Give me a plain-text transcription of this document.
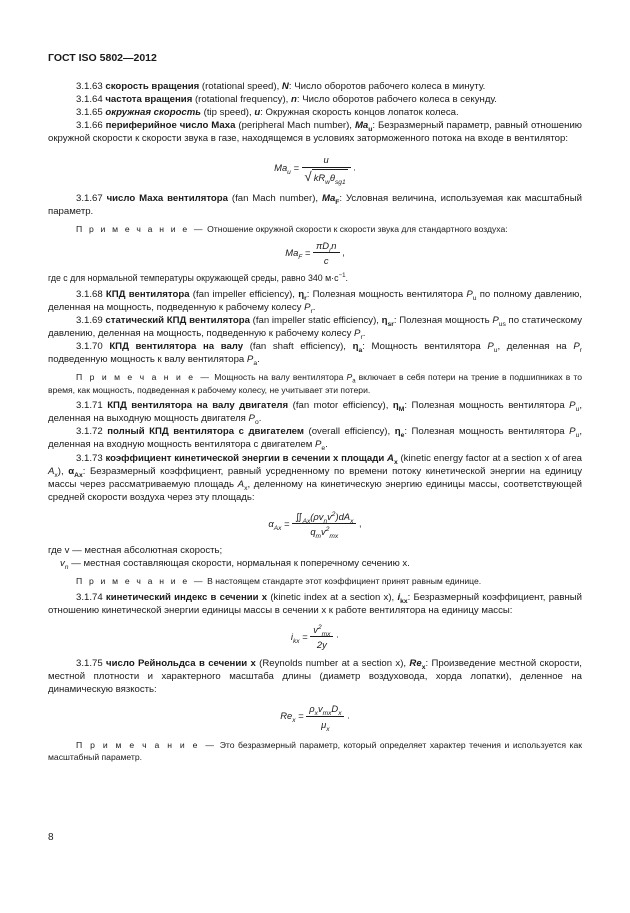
ГОСТ ISO 5802—2012

3.1.63 скорость вращения (rotational speed), N: Число оборотов рабочего колеса в минуту.

3.1.64 частота вращения (rotational frequency), n: Число оборотов рабочего колеса в секунду.

3.1.65 окружная скорость (tip speed), u: Окружная скорость концов лопаток колеса.

3.1.66 периферийное число Маха (peripheral Mach number), $Ma_u$: Безразмерный параметр, равный отношению окружной скорости к скорости звука в газе, находящемся в условиях заторможенного потока на входе в вентилятор:

$Ma_u = \frac{u}{√ kR_w\theta_{sg1}}$ .

3.1.67 число Маха вентилятора (fan Mach number), $Ma_F$: Условная величина, используемая как масштабный параметр.

П р и м е ч а н и е — Отношение окружной скорости к скорости звука для стандартного воздуха:

$Ma_F = \frac{\pi D_rn}{c}$ ,

где c для нормальной температуры окружающей среды, равно 340 $м\cdot с^{-1}$.

3.1.68 КПД вентилятора (fan impeller efficiency), $\eta_r$: Полезная мощность вентилятора $P_u$ по полному давлению, деленная на мощность, подведенную к рабочему колесу $P_r$.

3.1.69 статический КПД вентилятора (fan impeller static efficiency), $\eta_{sr}$: Полезная мощность $P_{us}$ по статическому давлению, деленная на мощность, подведенную к рабочему колесу $P_r$.

3.1.70 КПД вентилятора на валу (fan shaft efficiency), $\eta_a$: Мощность вентилятора $P_u$, деленная на $P_r$ подведенную мощность к валу вентилятора $P_a$.

П р и м е ч а н и е — Мощность на валу вентилятора $P_a$ включает в себя потери на трение в подшипниках в то время, как мощность, подведенная к рабочему колесу, не учитывает эти потери.

3.1.71 КПД вентилятора на валу двигателя (fan motor efficiency), $\eta_M$: Полезная мощность вентилятора $P_u$, деленная на выходную мощность двигателя $P_o$.

3.1.72 полный КПД вентилятора с двигателем (overall efficiency), $\eta_e$: Полезная мощность вентилятора $P_u$, деленная на входную мощность вентилятора с двигателем $P_e$.

3.1.73 коэффициент кинетической энергии в сечении x площади $A_x$ (kinetic energy factor at a section x of area $A_x$), $\alpha_{Ax}$: Безразмерный коэффициент, равный усредненному по времени потоку кинетической энергии на единицу массы через рассматриваемую площадь $A_x$, деленному на кинетическую энергию единицы массы, соответствующей средней скорости воздуха через эту площадь:

$\alpha_{Ax} = \frac{∬_{Ax}(\rho v_nv^2)dA_x}{q_mv^2_{mx}}$ ,

где v — местная абсолютная скорость;

$v_n$ — местная составляющая скорости, нормальная к поперечному сечению x.

П р и м е ч а н и е — В настоящем стандарте этот коэффициент принят равным единице.

3.1.74 кинетический индекс в сечении x (kinetic index at a section x), $i_{kx}$: Безразмерный коэффициент, равный отношению кинетической энергии единицы массы в сечении x к работе вентилятора на единицу массы:

$i_{kx} = \frac{v^2_{mx}}{2y}$ ·

3.1.75 число Рейнольдса в сечении x (Reynolds number at a section x), $Re_x$: Произведение местной скорости, местной плотности и характерного масштаба длины (диаметр воздуховода, хорда лопатки), деленное на динамическую вязкость:

$Re_x = \frac{\rho_xv_{mx}D_x}{\mu_x}$ .

П р и м е ч а н и е — Это безразмерный параметр, который определяет характер течения и используется как масштабный параметр.

8
